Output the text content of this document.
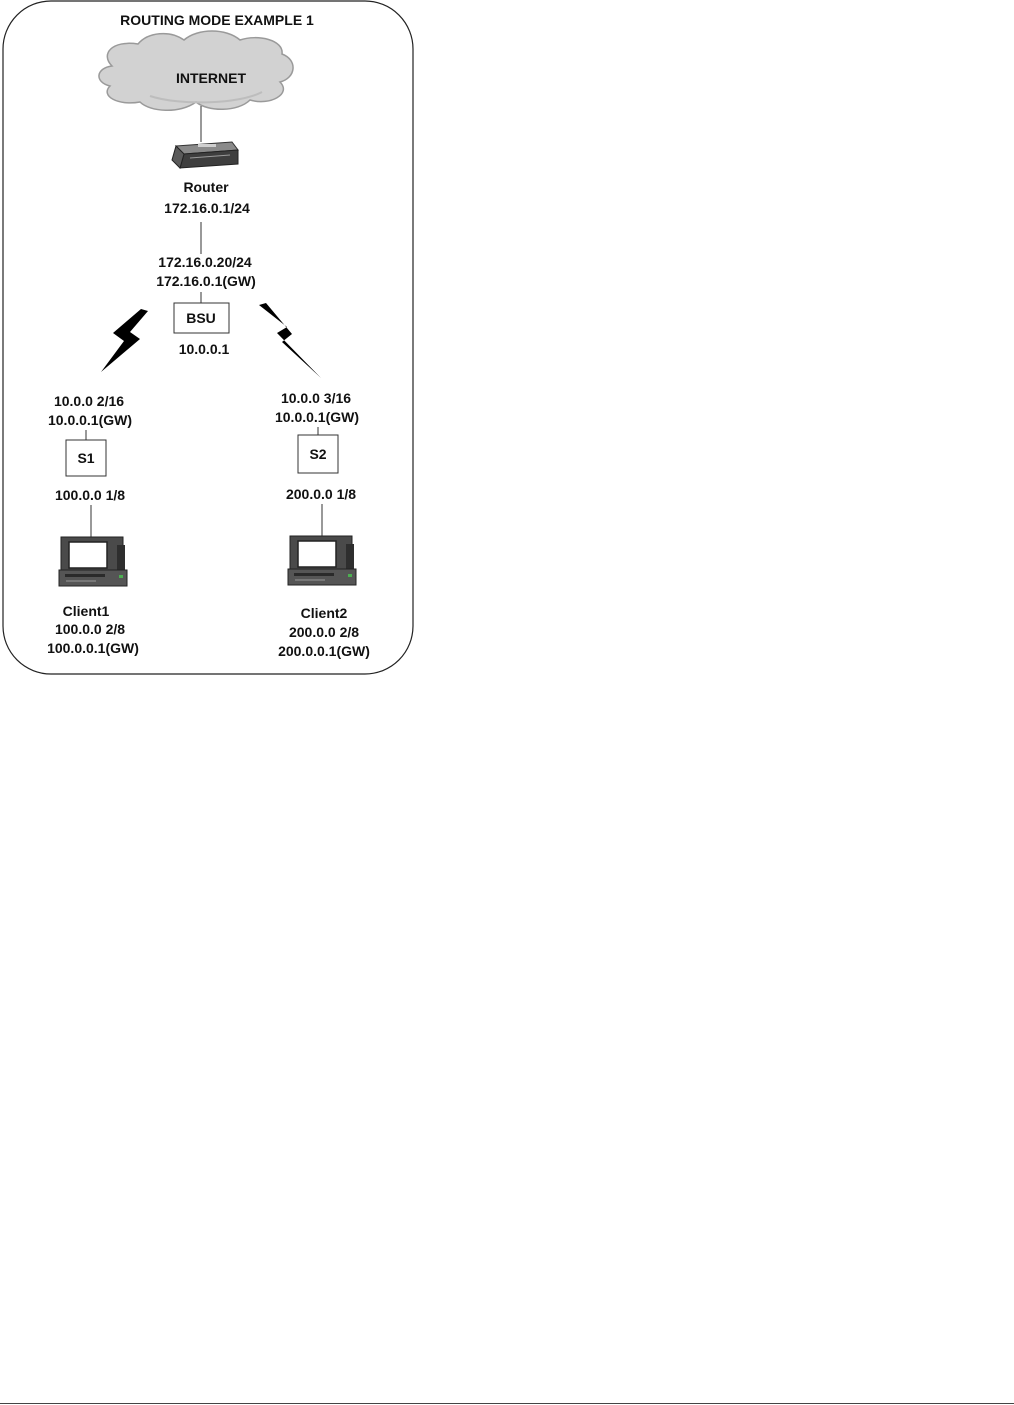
ROUTING MODE EXAMPLE 1
INTERNET
Router
172.16.0.1/24
172.16.0.20/24
172.16.0.1(GW)
BSU
10.0.0.1
10.0.0 2/16
10.0.0.1(GW)
S1
100.0.0 1/8
10.0.0 3/16
10.0.0.1(GW)
S2
200.0.0 1/8
Client1
100.0.0 2/8
100.0.0.1(GW)
Client2
200.0.0 2/8
200.0.0.1(GW)
